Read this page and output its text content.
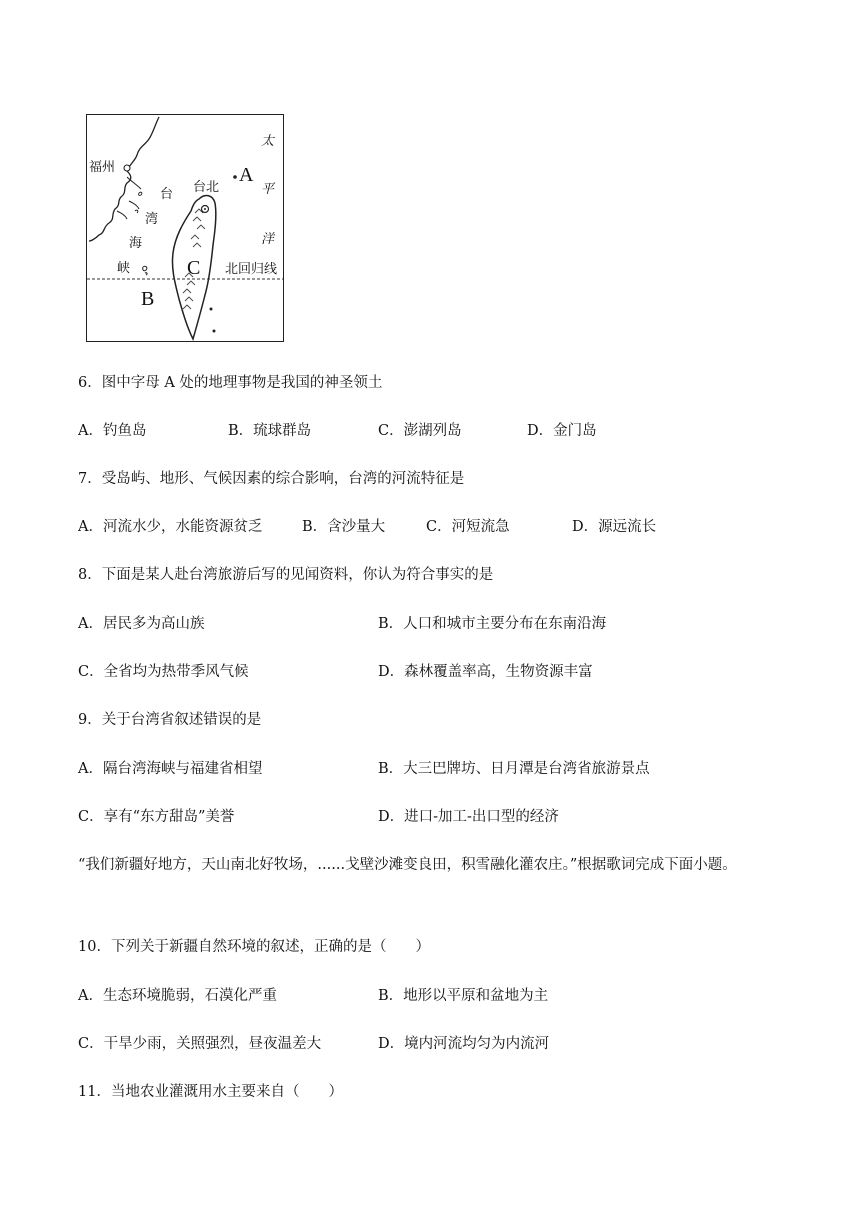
福州
台北
A
C
B
台
湾
海
峡
太
平
洋
北回归线
6．图中字母 A 处的地理事物是我国的神圣领土
A．钓鱼岛	B．琉球群岛	C．澎湖列岛	D．金门岛
7．受岛屿、地形、气候因素的综合影响，台湾的河流特征是
A．河流水少，水能资源贫乏	B．含沙量大	C．河短流急	D．源远流长
8．下面是某人赴台湾旅游后写的见闻资料，你认为符合事实的是
A．居民多为高山族	B．人口和城市主要分布在东南沿海
C．全省均为热带季风气候	D．森林覆盖率高，生物资源丰富
9．关于台湾省叙述错误的是
A．隔台湾海峡与福建省相望	B．大三巴牌坊、日月潭是台湾省旅游景点
C．享有“东方甜岛”美誉	D．进口-加工-出口型的经济
“我们新疆好地方，天山南北好牧场，......戈壁沙滩变良田，积雪融化灌农庄。”根据歌词完成下面小题。
10．下列关于新疆自然环境的叙述，正确的是（　　）
A．生态环境脆弱，石漠化严重	B．地形以平原和盆地为主
C．干旱少雨，关照强烈，昼夜温差大	D．境内河流均匀为内流河
11．当地农业灌溉用水主要来自（　　）
